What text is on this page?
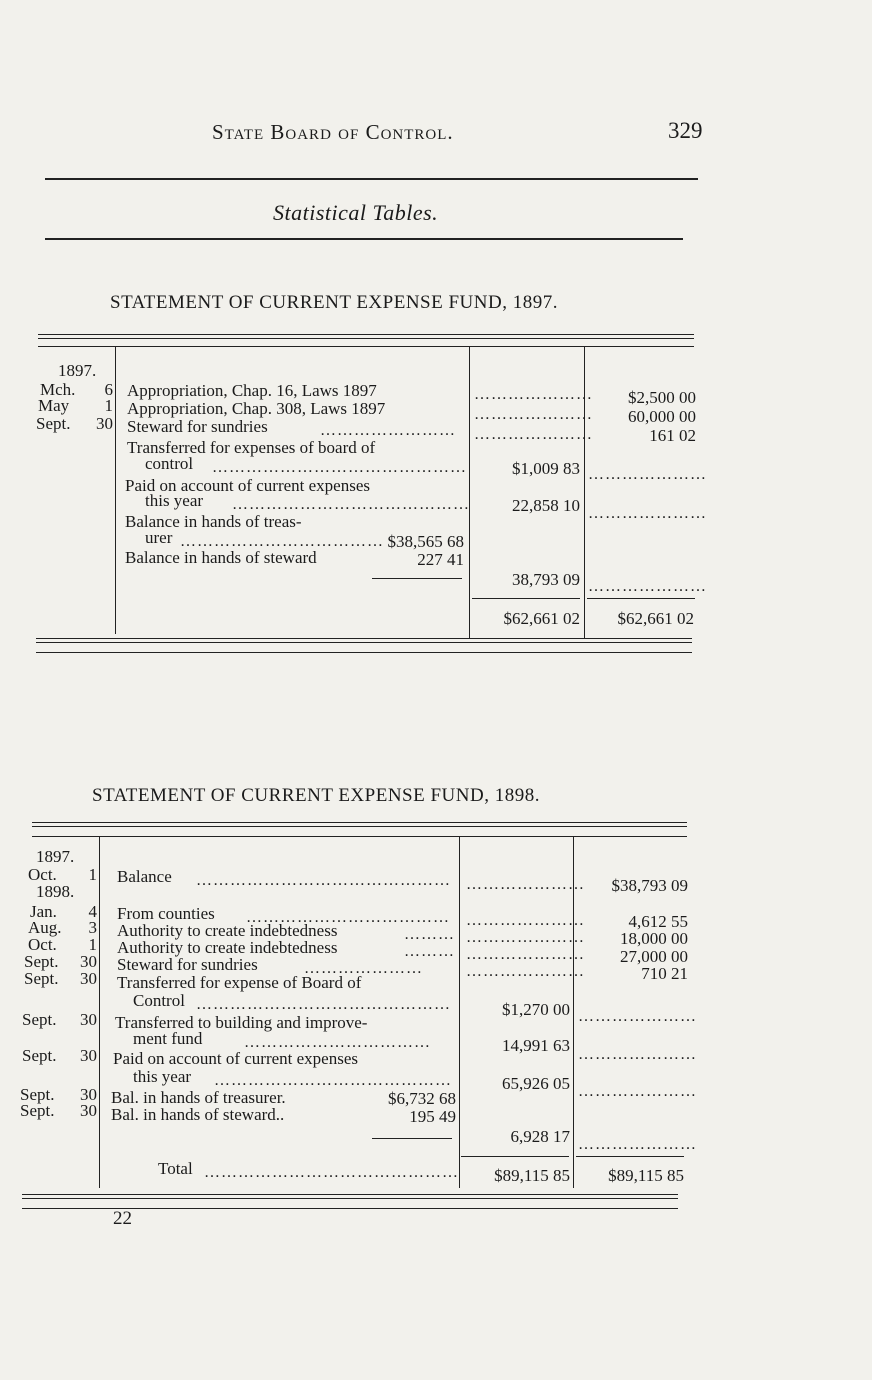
State Board of Control.	329
Statistical Tables.
STATEMENT OF CURRENT EXPENSE FUND, 1897.
1897.
Mch.	6 Appropriation, Chap. 16, Laws 1897	…………………	$2,500 00
May	1 Appropriation, Chap. 308, Laws 1897	…………………	60,000 00
Sept.	30 Steward for sundries	……………………	…………………	161 02
Transferred for expenses of board of
control ………………………………………	$1,009 83 …………………
Paid on account of current expenses
this year ……………………………………	22,858 10 …………………
Balance in hands of treas-
urer ……………………………… $38,565 68
Balance in hands of steward	227 41
38,793 09 …………………
$62,661 02	$62,661 02
STATEMENT OF CURRENT EXPENSE FUND, 1898.
1897.
Oct.	1 Balance ……………………………………… …………………	$38,793 09
1898.
Jan.	4 From counties ………………………………	…………………	4,612 55
Aug.	3 Authority to create indebtedness	……… …………………	18,000 00
Oct.	1 Authority to create indebtedness	……… …………………	27,000 00
Sept.	30 Steward for sundries	…………………	…………………	710 21
Sept.	30 Transferred for expense of Board of
Control ………………………………………	$1,270 00 …………………
Sept.	30 Transferred to building and improve-
ment fund	……………………………	14,991 63 …………………
Sept.	30 Paid on account of current expenses
this year ……………………………………	65,926 05 …………………
Sept.	30 Bal. in hands of treasurer.	$6,732 68
Sept.	30 Bal. in hands of steward..	195 49
6,928 17 …………………
Total ………………………………………	$89,115 85	$89,115 85
22
